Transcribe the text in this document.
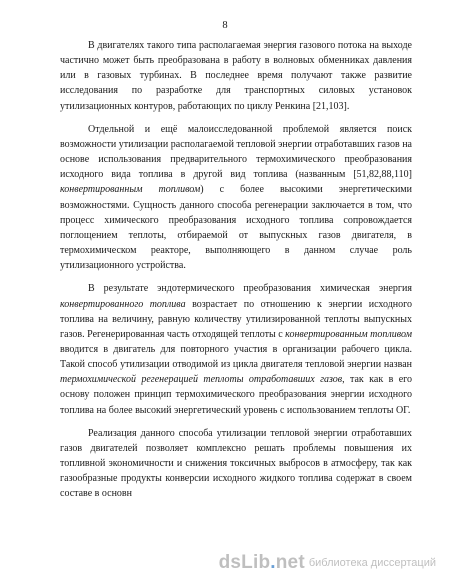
8

В двигателях такого типа располагаемая энергия газового потока на выходе частично может быть преобразована в работу в волновых обменниках давления или в газовых турбинах. В последнее время получают также развитие исследования по разработке для транспортных силовых установок утилизационных контуров, работающих по циклу Ренкина [21,103].

Отдельной и ещё малоисследованной проблемой является поиск возможности утилизации располагаемой тепловой энергии отработавших газов на основе использования предварительного термохимического преобразования исходного вида топлива в другой вид топлива (названным [51,82,88,110] конвертированным топливом) с более высокими энергетическими возможностями. Сущность данного способа регенерации заключается в том, что процесс химического преобразования исходного топлива сопровождается поглощением теплоты, отбираемой от выпускных газов двигателя, в термохимическом реакторе, выполняющего в данном случае роль утилизационного устройства.

В результате эндотермического преобразования химическая энергия конвертированного топлива возрастает по отношению к энергии исходного топлива на величину, равную количеству утилизированной теплоты выпускных газов. Регенерированная часть отходящей теплоты с конвертированным топливом вводится в двигатель для повторного участия в организации рабочего цикла. Такой способ утилизации отводимой из цикла двигателя тепловой энергии назван термохимической регенерацией теплоты отработавших газов, так как в его основу положен принцип термохимического преобразования энергии исходного топлива на более высокий энергетический уровень с использованием теплоты ОГ.

Реализация данного способа утилизации тепловой энергии отработавших газов двигателей позволяет комплексно решать проблемы повышения их топливной экономичности и снижения токсичных выбросов в атмосферу, так как газообразные продукты конверсии исходного жидкого топлива содержат в своем составе в основн

dsLib.net библиотека диссертаций
